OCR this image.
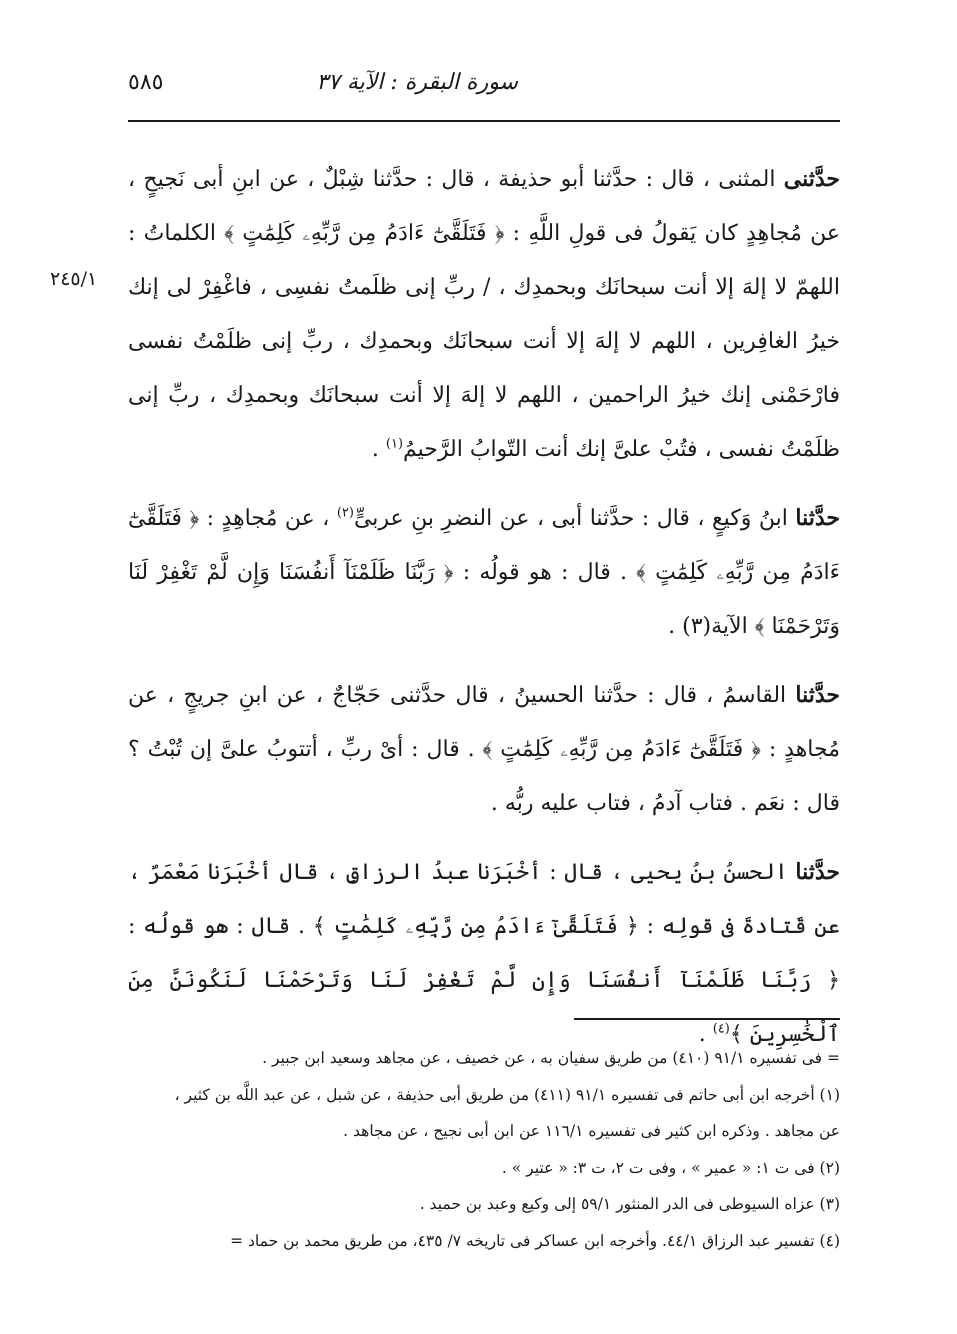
٥٨٥	سورة البقرة : الآية ٣٧
٢٤٥/١

حدَّثنى المثنى ، قال : حدَّثنا أبو حذيفة ، قال : حدَّثنا شِبْلٌ ، عن ابنِ أبى نَجيحٍ ، عن مُجاهِدٍ كان يَقولُ فى قولِ اللَّهِ : ﴿ فَتَلَقَّىٰٓ ءَادَمُ مِن رَّبِّهِۦ كَلِمَٰتٍ ﴾ الكلماتُ : اللهمّ لا إلهَ إلا أنت سبحانَك وبحمدِك ، / ربِّ إنى ظلَمتُ نفسِى ، فاغْفِرْ لى إنك خيرُ الغافِرين ، اللهم لا إلهَ إلا أنت سبحانَك وبحمدِك ، ربِّ إنى ظلَمْتُ نفسى فارْحَمْنى إنك خيرُ الراحمين ، اللهم لا إلهَ إلا أنت سبحانَك وبحمدِك ، ربِّ إنى ظلَمْتُ نفسى ، فتُبْ علىَّ إنك أنت التّوابُ الرَّحيمُ$^{(١)}$ .

حدَّثنا ابنُ وَكيعٍ ، قال : حدَّثنا أبى ، عن النضرِ بنِ عربىٍّ$^{(٢)}$ ، عن مُجاهِدٍ : ﴿ فَتَلَقَّىٰٓ ءَادَمُ مِن رَّبِّهِۦ كَلِمَٰتٍ ﴾ . قال : هو قولُه : ﴿ رَبَّنَا ظَلَمْنَآ أَنفُسَنَا وَإِن لَّمْ تَغْفِرْ لَنَا وَتَرْحَمْنَا ﴾ الآية(٣) .

حدَّثنا القاسمُ ، قال : حدَّثنا الحسينُ ، قال حدَّثنى حَجّاجٌ ، عن ابنِ جريجٍ ، عن مُجاهدٍ : ﴿ فَتَلَقَّىٰٓ ءَادَمُ مِن رَّبِّهِۦ كَلِمَٰتٍ ﴾ . قال : أىْ ربِّ ، أتتوبُ علىَّ إن تُبْتُ ؟ قال : نعَم . فتاب آدمُ ، فتاب عليه ربُّه .

حدَّثنا الحسنُ بنُ يحيى ، قال : أخْبَرَنا عبدُ الرزاقِ ، قال أخْبَرَنا مَعْمَرٌ ، عن قَتادةَ فى قولِه : ﴿ فَتَلَقَّىٰٓ ءَادَمُ مِن رَّبِّهِۦ كَلِمَٰتٍ ﴾ . قال : هو قولُه : ﴿ رَبَّنَا ظَلَمْنَآ أَنفُسَنَا وَإِن لَّمْ تَغْفِرْ لَنَا وَتَرْحَمْنَا لَنَكُونَنَّ مِنَ ٱلْخَٰسِرِينَ ﴾$^{(٤)}$ .

= فى تفسيره ٩١/١ (٤١٠) من طريق سفيان به ، عن خصيف ، عن مجاهد وسعيد ابن جبير .

(١) أخرجه ابن أبى حاتم فى تفسيره ٩١/١ (٤١١) من طريق أبى حذيفة ، عن شبل ، عن عبد اللَّه بن كثير ،

عن مجاهد . وذكره ابن كثير فى تفسيره ١١٦/١ عن ابن أبى نجيح ، عن مجاهد .

(٢) فى ت ١: « عمير » ، وفى ت ٢، ت ٣: « عتير » .

(٣) عزاه السيوطى فى الدر المنثور ٥٩/١ إلى وكيع وعبد بن حميد .

(٤) تفسير عبد الرزاق ٤٤/١. وأخرجه ابن عساكر فى تاريخه ٧/ ٤٣٥، من طريق محمد بن حماد =
